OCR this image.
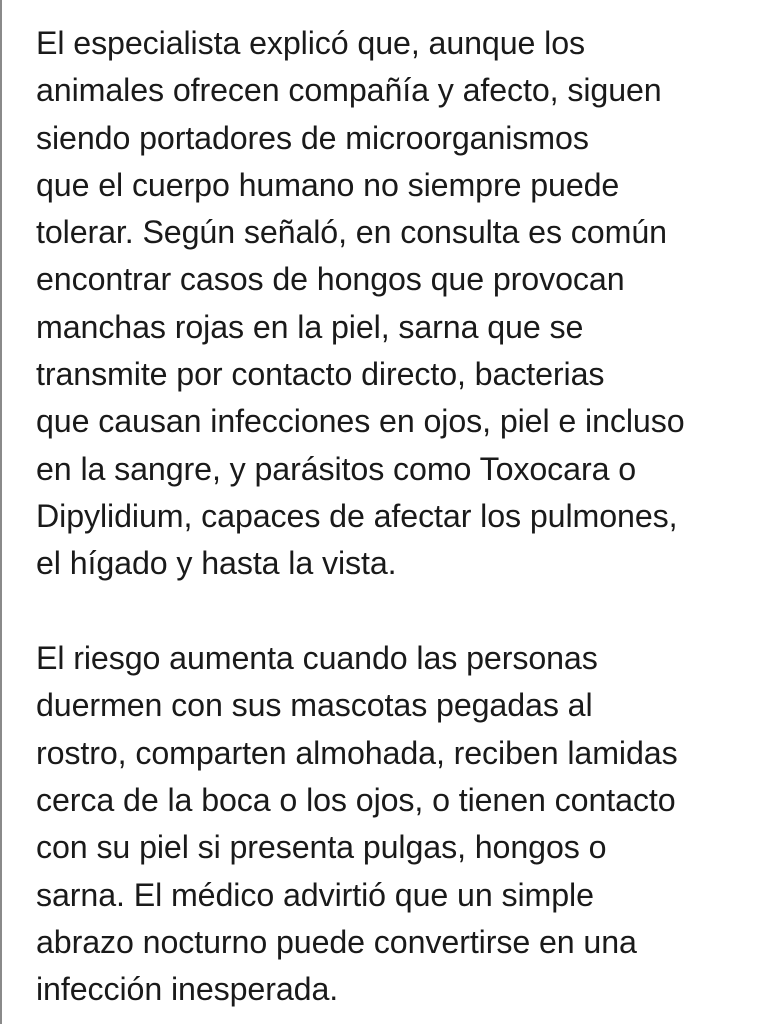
El especialista explicó que, aunque los
animales ofrecen compañía y afecto, siguen
siendo portadores de microorganismos
que el cuerpo humano no siempre puede
tolerar. Según señaló, en consulta es común
encontrar casos de hongos que provocan
manchas rojas en la piel, sarna que se
transmite por contacto directo, bacterias
que causan infecciones en ojos, piel e incluso
en la sangre, y parásitos como Toxocara o
Dipylidium, capaces de afectar los pulmones,
el hígado y hasta la vista.

El riesgo aumenta cuando las personas
duermen con sus mascotas pegadas al
rostro, comparten almohada, reciben lamidas
cerca de la boca o los ojos, o tienen contacto
con su piel si presenta pulgas, hongos o
sarna. El médico advirtió que un simple
abrazo nocturno puede convertirse en una
infección inesperada.
